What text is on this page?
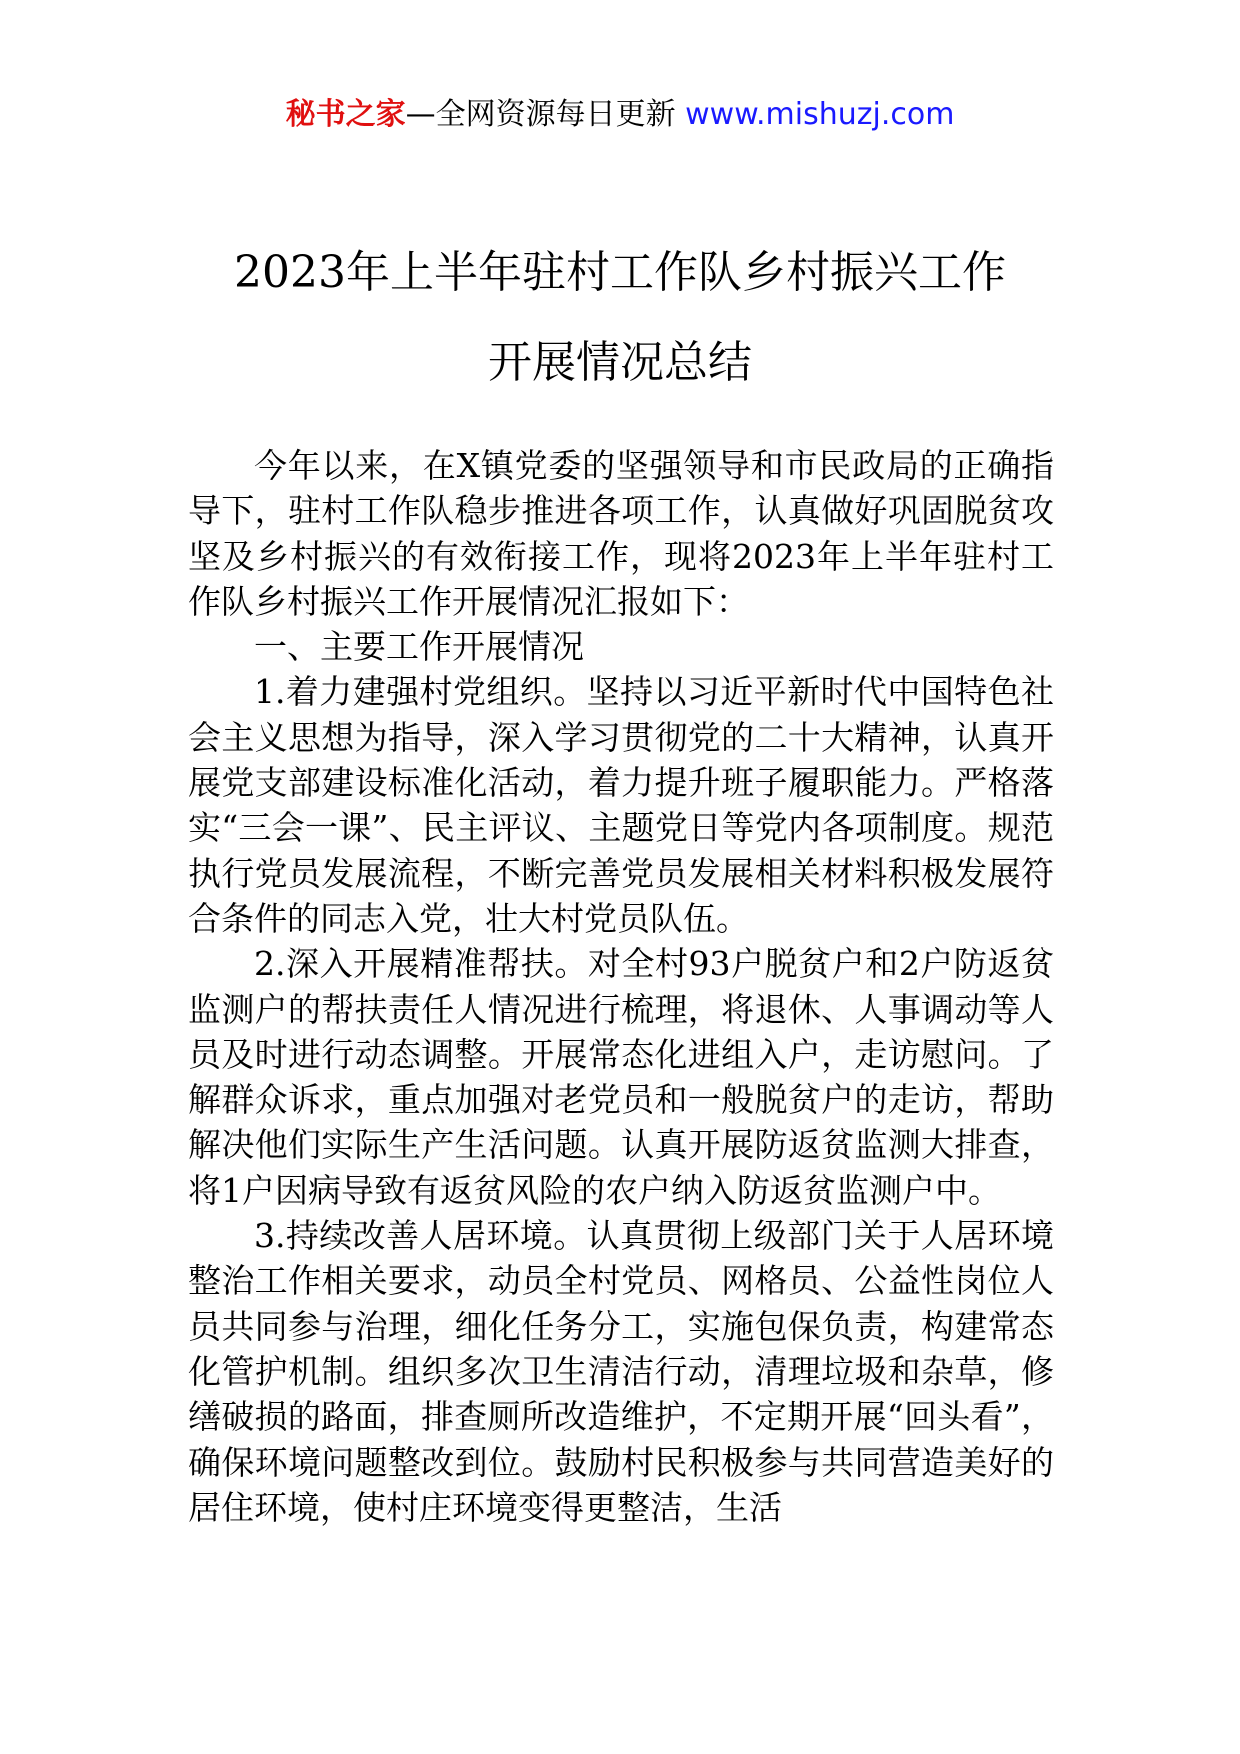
秘书之家—全网资源每日更新 www.mishuzj.com
2023年上半年驻村工作队乡村振兴工作
开展情况总结

今年以来，在X镇党委的坚强领导和市民政局的正确指导下，驻村工作队稳步推进各项工作，认真做好巩固脱贫攻坚及乡村振兴的有效衔接工作，现将2023年上半年驻村工作队乡村振兴工作开展情况汇报如下：

一、主要工作开展情况

1.着力建强村党组织。坚持以习近平新时代中国特色社会主义思想为指导，深入学习贯彻党的二十大精神，认真开展党支部建设标准化活动，着力提升班子履职能力。严格落实“三会一课”、民主评议、主题党日等党内各项制度。规范执行党员发展流程，不断完善党员发展相关材料积极发展符合条件的同志入党，壮大村党员队伍。

2.深入开展精准帮扶。对全村93户脱贫户和2户防返贫监测户的帮扶责任人情况进行梳理，将退休、人事调动等人员及时进行动态调整。开展常态化进组入户，走访慰问。了解群众诉求，重点加强对老党员和一般脱贫户的走访，帮助解决他们实际生产生活问题。认真开展防返贫监测大排查，将1户因病导致有返贫风险的农户纳入防返贫监测户中。

3.持续改善人居环境。认真贯彻上级部门关于人居环境整治工作相关要求，动员全村党员、网格员、公益性岗位人员共同参与治理，细化任务分工，实施包保负责，构建常态化管护机制。组织多次卫生清洁行动，清理垃圾和杂草，修缮破损的路面，排查厕所改造维护，不定期开展“回头看”，确保环境问题整改到位。鼓励村民积极参与共同营造美好的居住环境，使村庄环境变得更整洁，生活
